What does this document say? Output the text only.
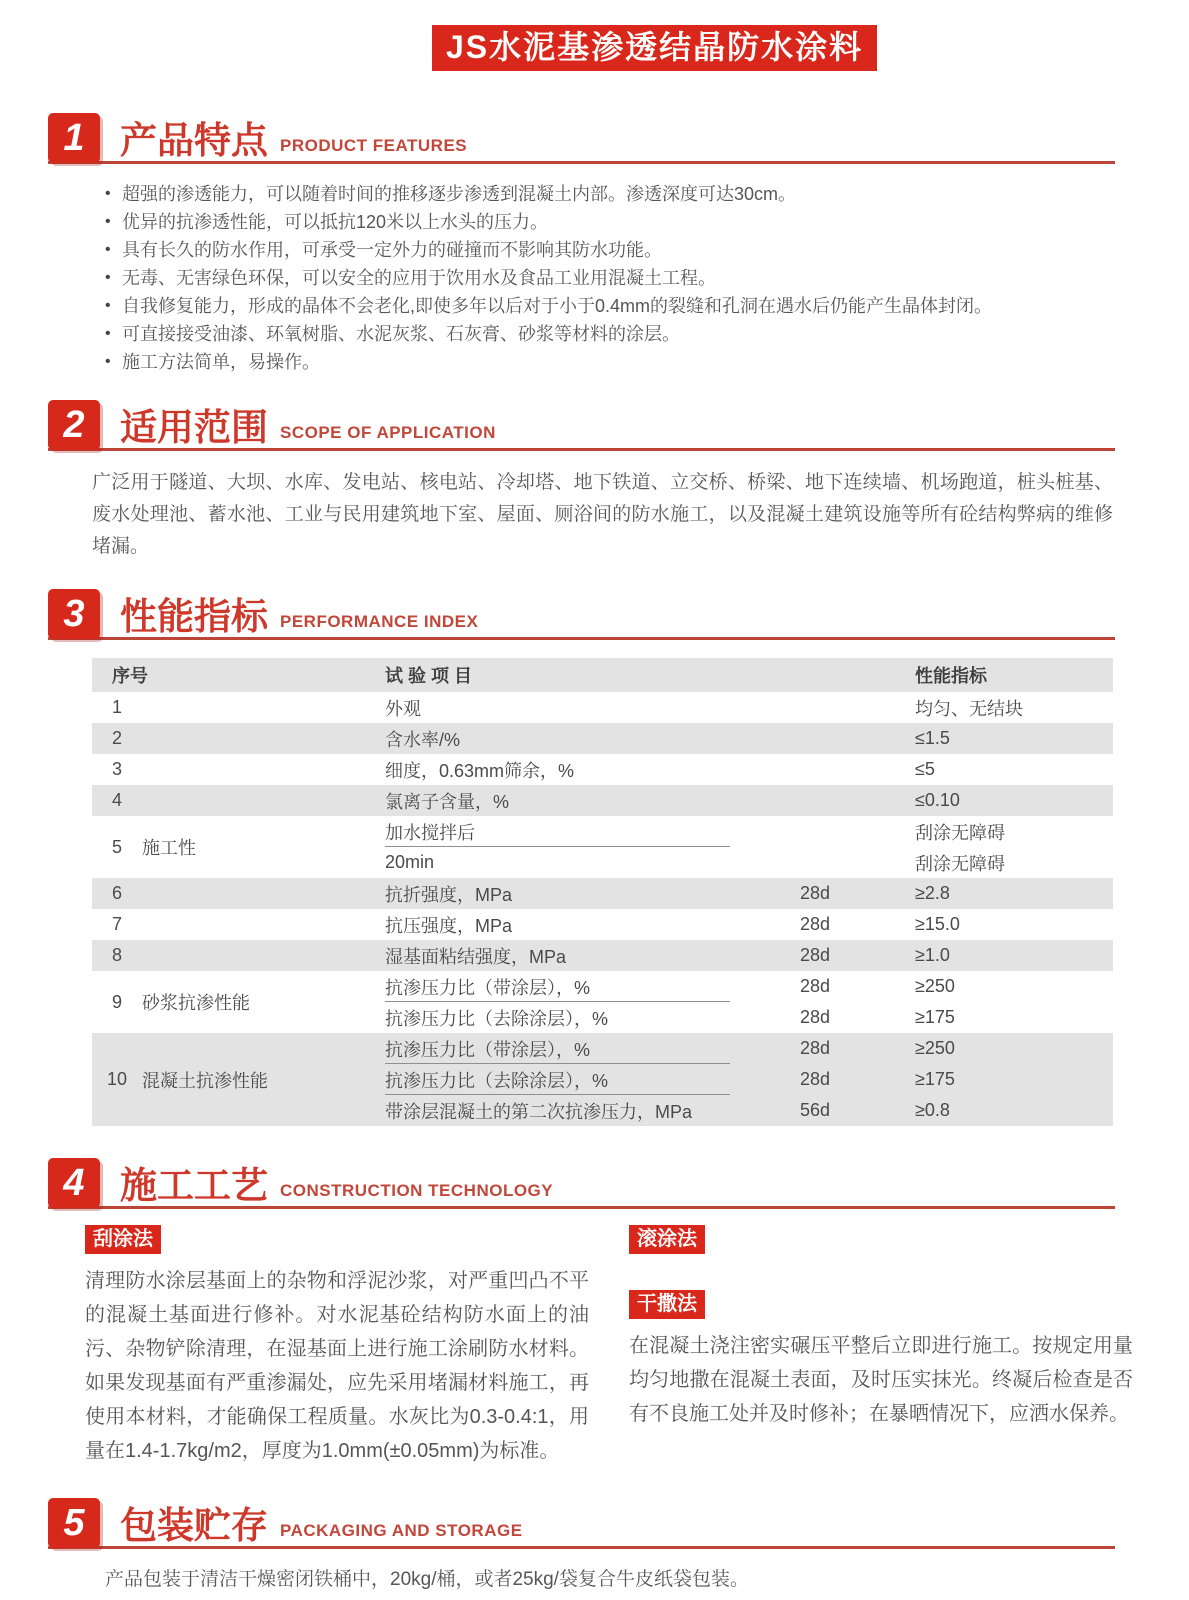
JS水泥基渗透结晶防水涂料
1 产品特点 PRODUCT FEATURES
• 超强的渗透能力，可以随着时间的推移逐步渗透到混凝土内部。渗透深度可达30cm。
• 优异的抗渗透性能，可以抵抗120米以上水头的压力。
• 具有长久的防水作用，可承受一定外力的碰撞而不影响其防水功能。
• 无毒、无害绿色环保，可以安全的应用于饮用水及食品工业用混凝土工程。
• 自我修复能力，形成的晶体不会老化,即使多年以后对于小于0.4mm的裂缝和孔洞在遇水后仍能产生晶体封闭。
• 可直接接受油漆、环氧树脂、水泥灰浆、石灰膏、砂浆等材料的涂层。
• 施工方法简单，易操作。
2 适用范围 SCOPE OF APPLICATION

广泛用于隧道、大坝、水库、发电站、核电站、冷却塔、地下铁道、立交桥、桥梁、地下连续墙、机场跑道，桩头桩基、废水处理池、蓄水池、工业与民用建筑地下室、屋面、厕浴间的防水施工，以及混凝土建筑设施等所有砼结构弊病的维修堵漏。

3 性能指标 PERFORMANCE INDEX
序号	试 验 项 目	性能指标
1	外观	均匀、无结块
2	含水率/%	≤1.5
3	细度，0.63mm筛余，%	≤5
4	氯离子含量，%	≤0.10
5	施工性
加水搅拌后	刮涂无障碍
20min	刮涂无障碍
6	抗折强度，MPa	28d	≥2.8
7	抗压强度，MPa	28d	≥15.0
8	湿基面粘结强度，MPa	28d	≥1.0
9	砂浆抗渗性能
抗渗压力比（带涂层），%	28d	≥250
抗渗压力比（去除涂层），%	28d	≥175
10 混凝土抗渗性能
抗渗压力比（带涂层），%	28d	≥250
抗渗压力比（去除涂层），%	28d	≥175
带涂层混凝土的第二次抗渗压力，MPa	56d	≥0.8
4 施工工艺 CONSTRUCTION TECHNOLOGY
刮涂法
清理防水涂层基面上的杂物和浮泥沙浆，对严重凹凸不平的混凝土基面进行修补。对水泥基砼结构防水面上的油污、杂物铲除清理，在湿基面上进行施工涂刷防水材料。如果发现基面有严重渗漏处，应先采用堵漏材料施工，再使用本材料，才能确保工程质量。水灰比为0.3-0.4:1，用量在1.4-1.7kg/m2，厚度为1.0mm(±0.05mm)为标准。
滚涂法
干撒法
在混凝土浇注密实碾压平整后立即进行施工。按规定用量均匀地撒在混凝土表面，及时压实抹光。终凝后检查是否有不良施工处并及时修补；在暴晒情况下，应洒水保养。
5 包装贮存 PACKAGING AND STORAGE

产品包装于清洁干燥密闭铁桶中，20kg/桶，或者25kg/袋复合牛皮纸袋包装。
